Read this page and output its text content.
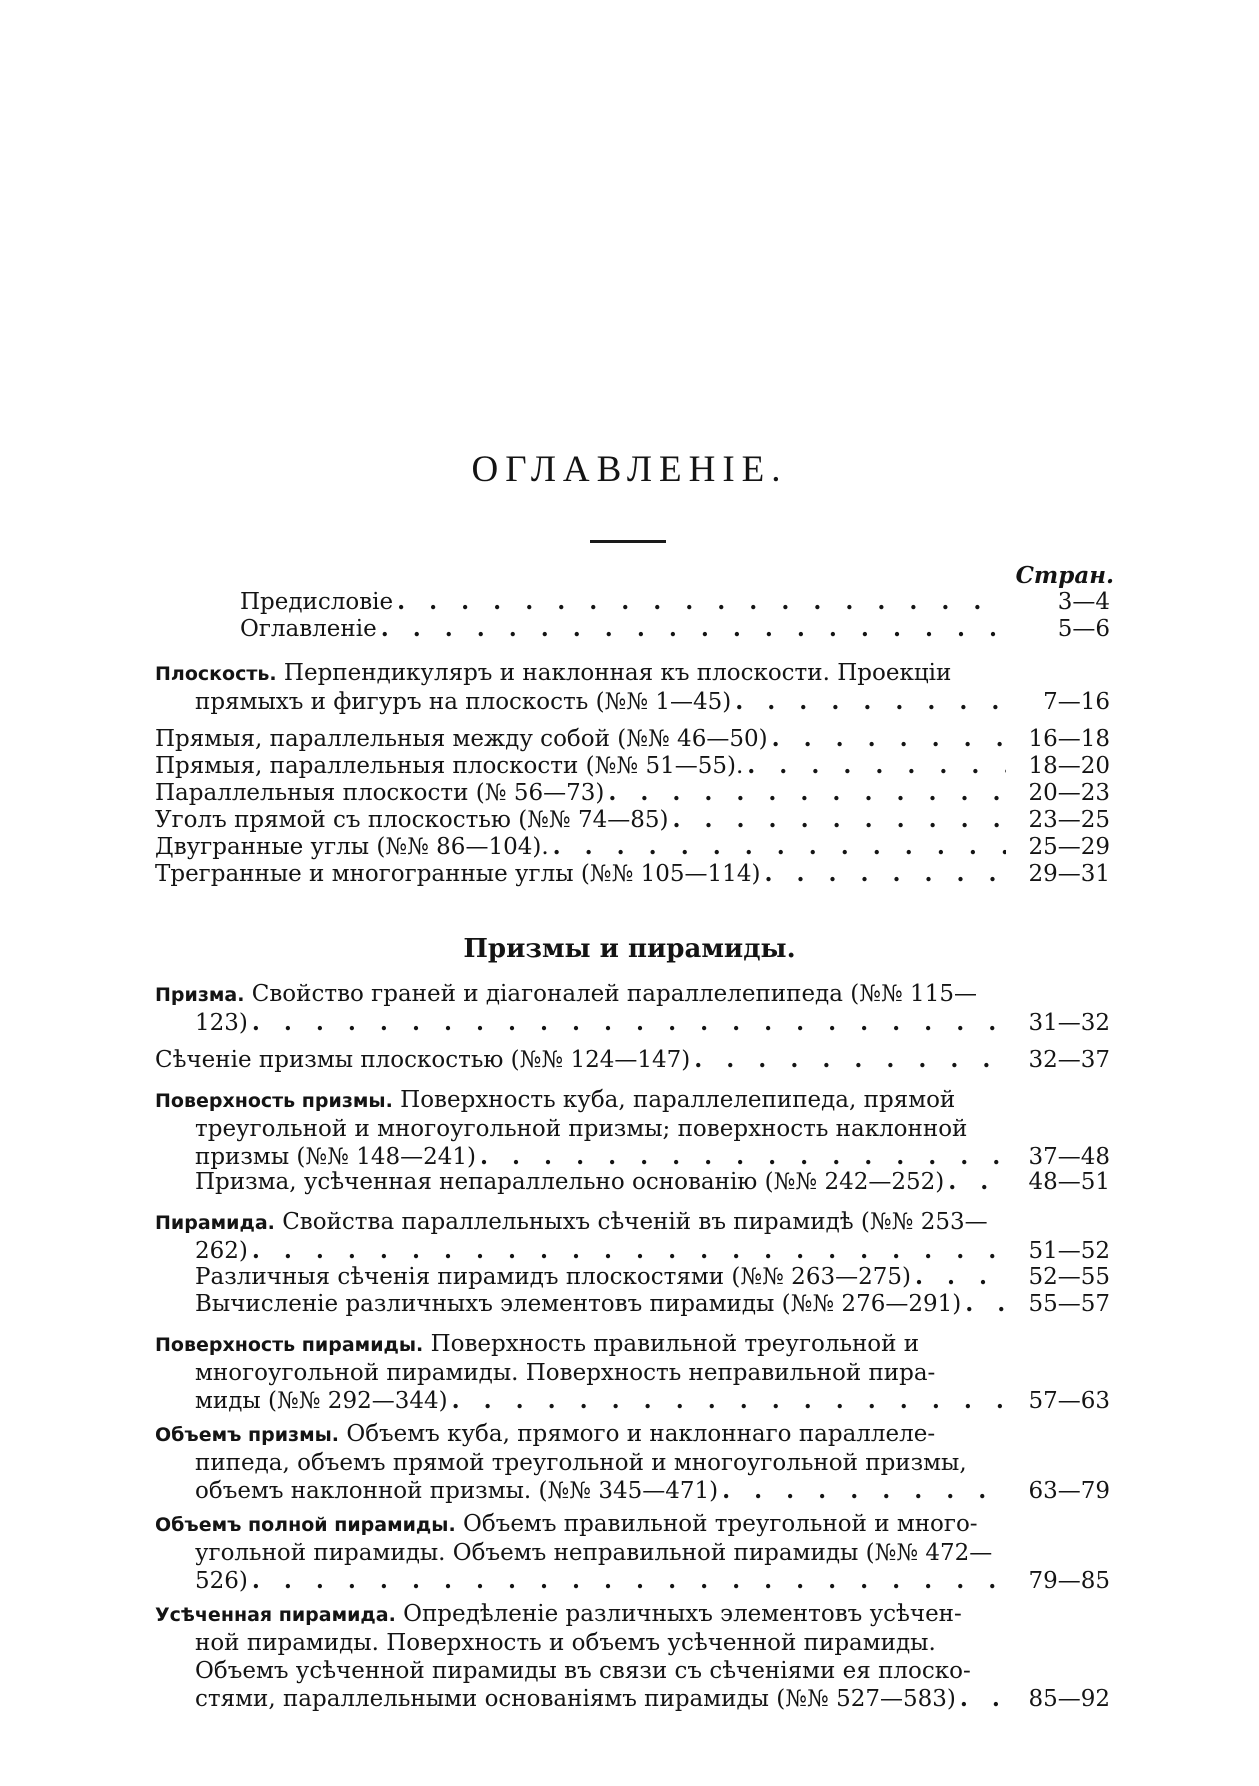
ОГЛАВЛЕНIЕ.
Стран.
Предисловіе . . .	3—4
Оглавленіе . . .	5—6
Плоскость. Перпендикуляръ и наклонная къ плоскости. Проекціи
прямыхъ и фигуръ на плоскость (№№ 1—45) . . .	7—16
Прямыя, параллельныя между собой (№№ 46—50) . . .	16—18
Прямыя, параллельныя плоскости (№№ 51—55). . . .	18—20
Параллельныя плоскости (№ 56—73) . . .	20—23
Уголъ прямой съ плоскостью (№№ 74—85) . . .	23—25
Двугранные углы (№№ 86—104). . . .	25—29
Трегранные и многогранные углы (№№ 105—114) . . .	29—31
Призмы и пирамиды.
Призма. Свойство граней и діагоналей параллелепипеда (№№ 115—
123) . . .	31—32
Сѣченіе призмы плоскостью (№№ 124—147) . . .	32—37
Поверхность призмы. Поверхность куба, параллелепипеда, прямой
треугольной и многоугольной призмы; поверхность наклонной
призмы (№№ 148—241) . . .	37—48
Призма, усѣченная непараллельно основанію (№№ 242—252) . . .	48—51
Пирамида. Свойства параллельныхъ сѣченій въ пирамидѣ (№№ 253—
262) . . .	51—52
Различныя сѣченія пирамидъ плоскостями (№№ 263—275) . . .	52—55
Вычисленіе различныхъ элементовъ пирамиды (№№ 276—291) . . .	55—57
Поверхность пирамиды. Поверхность правильной треугольной и
многоугольной пирамиды. Поверхность неправильной пира-
миды (№№ 292—344) . . .	57—63
Объемъ призмы. Объемъ куба, прямого и наклоннаго параллеле-
пипеда, объемъ прямой треугольной и многоугольной призмы,
объемъ наклонной призмы. (№№ 345—471) . . .	63—79
Объемъ полной пирамиды. Объемъ правильной треугольной и много-
угольной пирамиды. Объемъ неправильной пирамиды (№№ 472—
526) . . .	79—85
Усѣченная пирамида. Опредѣленіе различныхъ элементовъ усѣчен-
ной пирамиды. Поверхность и объемъ усѣченной пирамиды.
Объемъ усѣченной пирамиды въ связи съ сѣченіями ея плоско-
стями, параллельными основаніямъ пирамиды (№№ 527—583) . . .	85—92
